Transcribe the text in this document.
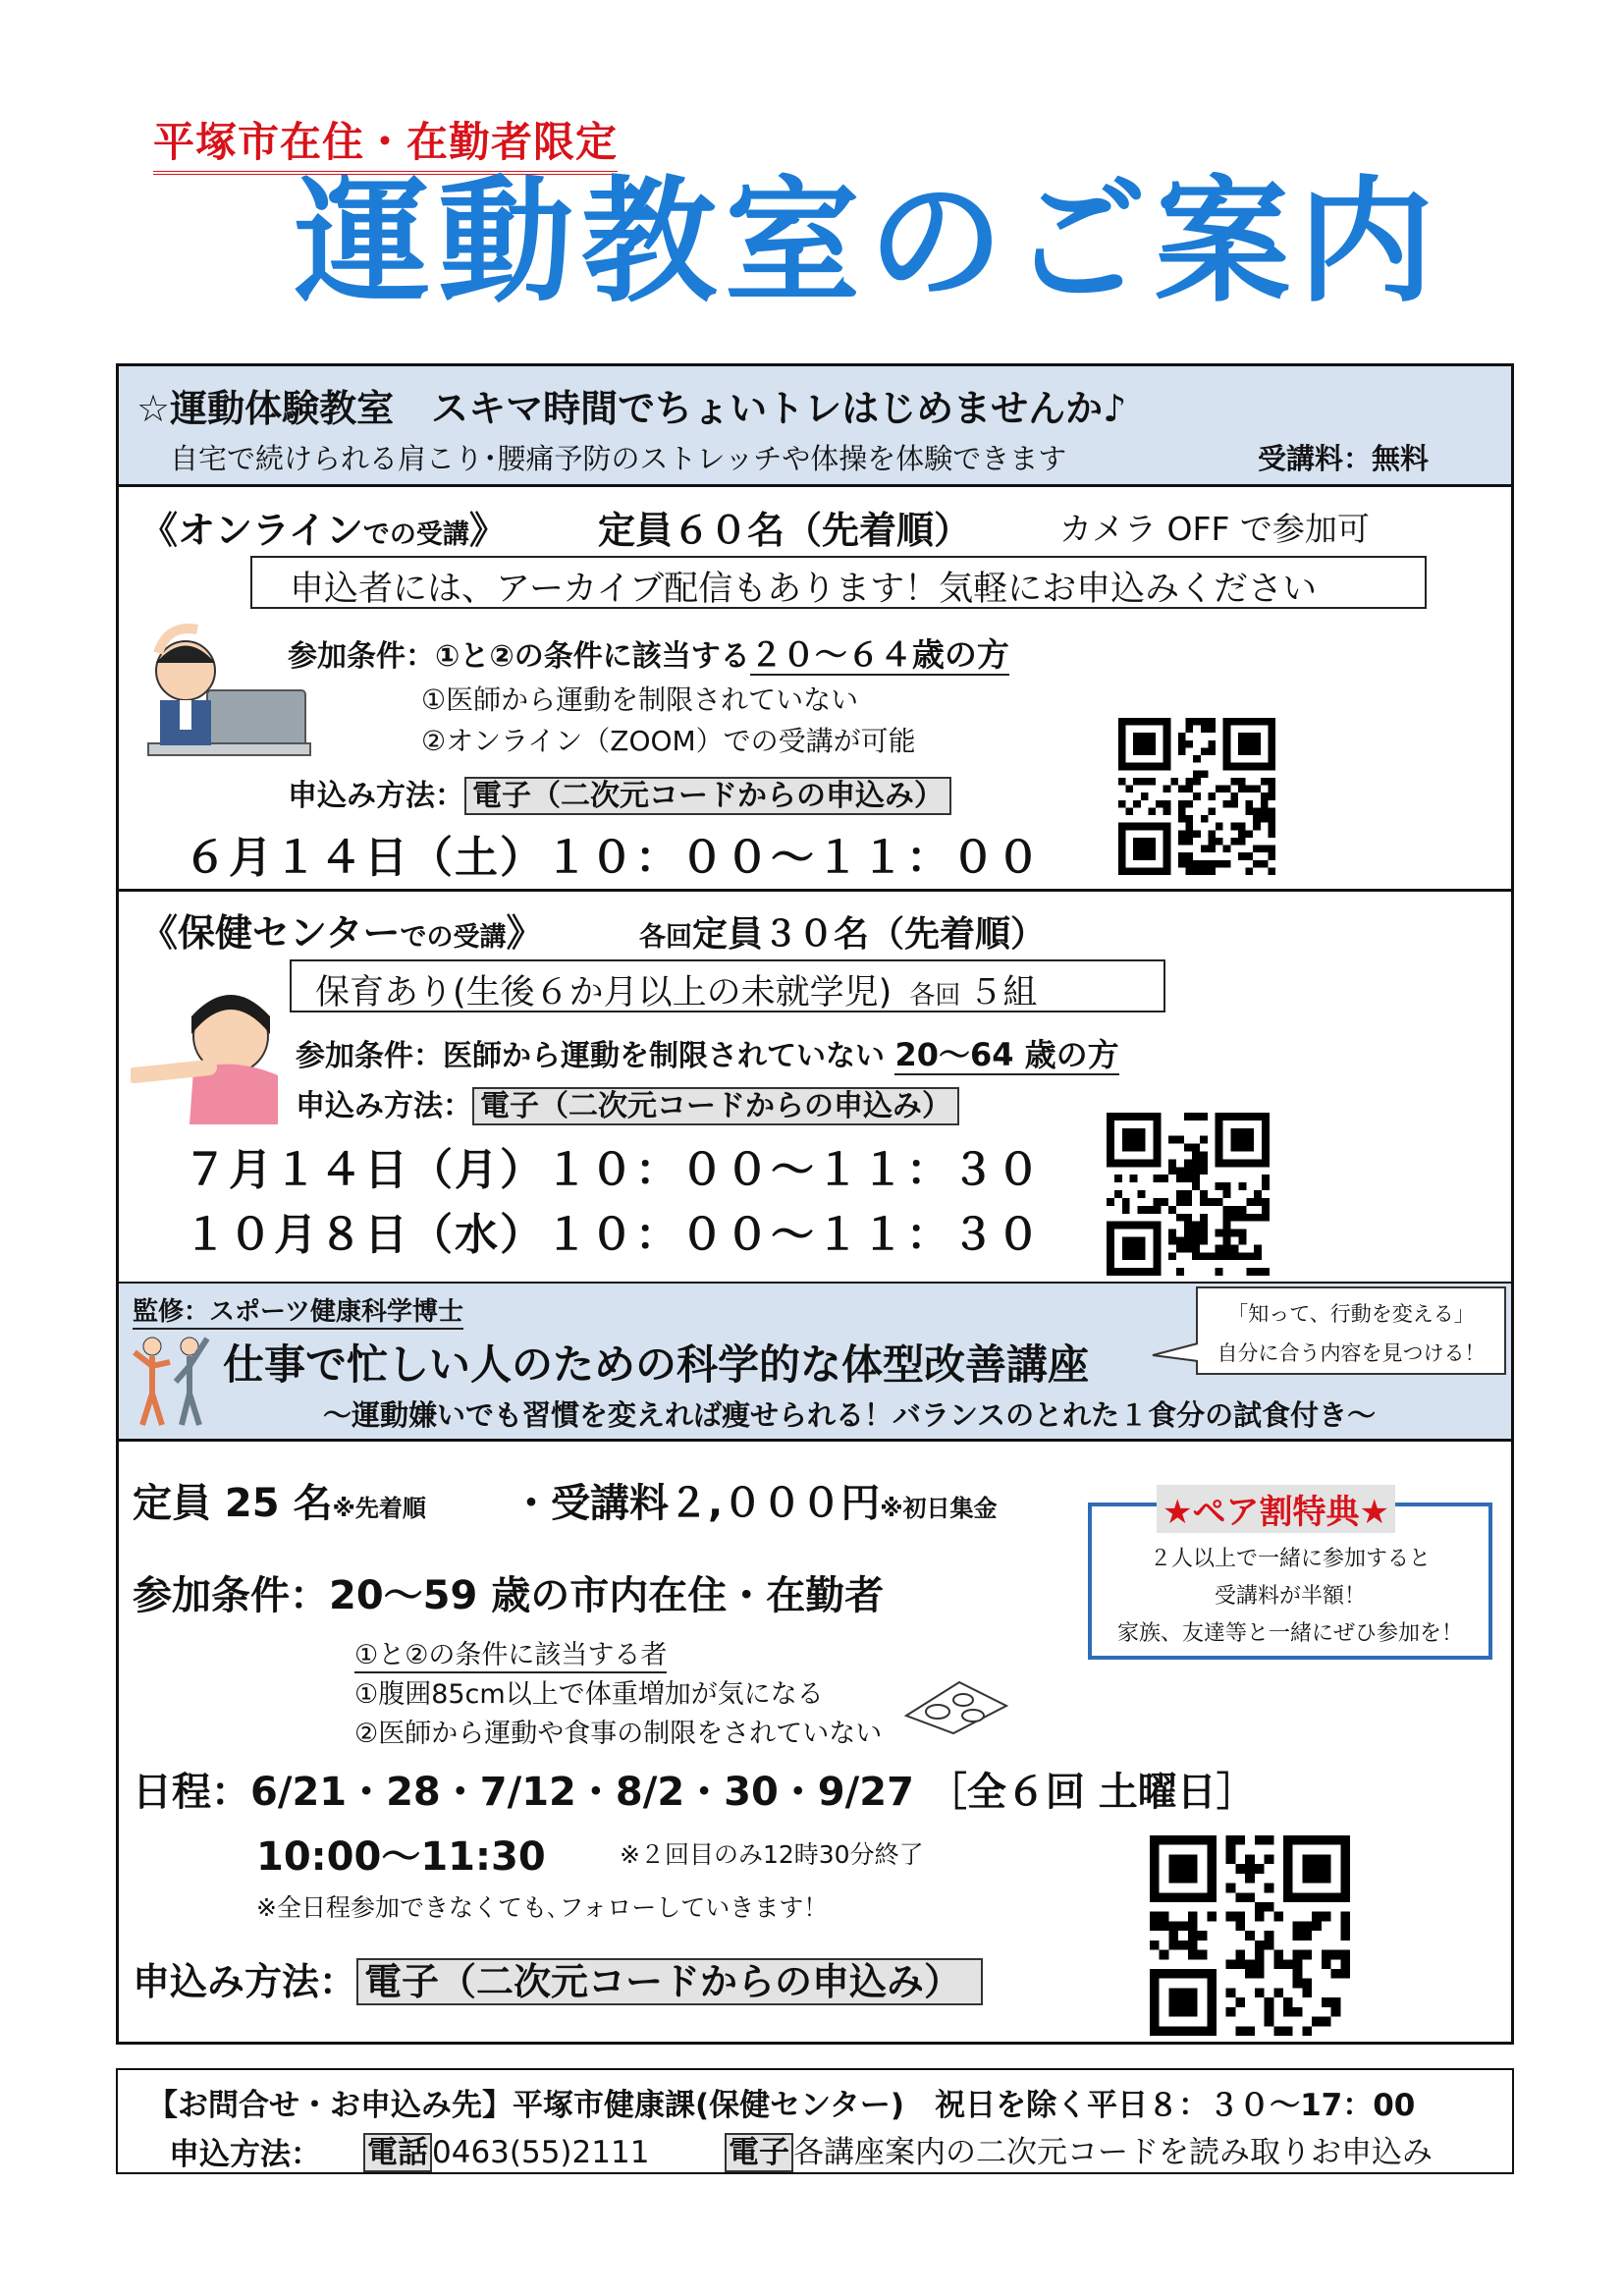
平塚市在住・在勤者限定
運動教室のご案内
☆運動体験教室　スキマ時間でちょいトレはじめませんか♪
自宅で続けられる肩こり･腰痛予防のストレッチや体操を体験できます	受講料：無料
《オンラインでの受講》 定員６０名（先着順）	カメラ OFF で参加可
申込者には、アーカイブ配信もあります！気軽にお申込みください
参加条件：①と②の条件に該当する２０～６４歳の方
①医師から運動を制限されていない
②オンライン（ZOOM）での受講が可能
申込み方法： 電子（二次元コードからの申込み）
６月１４日（土）１０：００～１１：００
《保健センターでの受講》	各回定員３０名（先着順）
保育あり(生後６か月以上の未就学児) 各回 ５組
参加条件：医師から運動を制限されていない 20～64 歳の方
申込み方法： 電子（二次元コードからの申込み）
７月１４日（月）１０：００～１１：３０
１０月８日（水）１０：００～１１：３０
監修：スポーツ健康科学博士
仕事で忙しい人のための科学的な体型改善講座
～運動嫌いでも習慣を変えれば痩せられる！バランスのとれた１食分の試食付き～
定員 25 名※先着順 ・受講料２,０００円※初日集金
参加条件：20～59 歳の市内在住・在勤者
①と②の条件に該当する者
①腹囲85cm以上で体重増加が気になる
②医師から運動や食事の制限をされていない
日程：6/21・28・7/12・8/2・30・9/27 ［全６回 土曜日］
10:00～11:30	※２回目のみ12時30分終了
※全日程参加できなくても､フォローしていきます！
申込み方法： 電子（二次元コードからの申込み）
「知って、行動を変える」
自分に合う内容を見つける！
★ペア割特典★
２人以上で一緒に参加すると
受講料が半額！
家族、友達等と一緒にぜひ参加を！
【お問合せ・お申込み先】平塚市健康課(保健センター)　祝日を除く平日８：３０～17：00
申込方法： 電話 0463(55)2111	電子 各講座案内の二次元コードを読み取りお申込み
